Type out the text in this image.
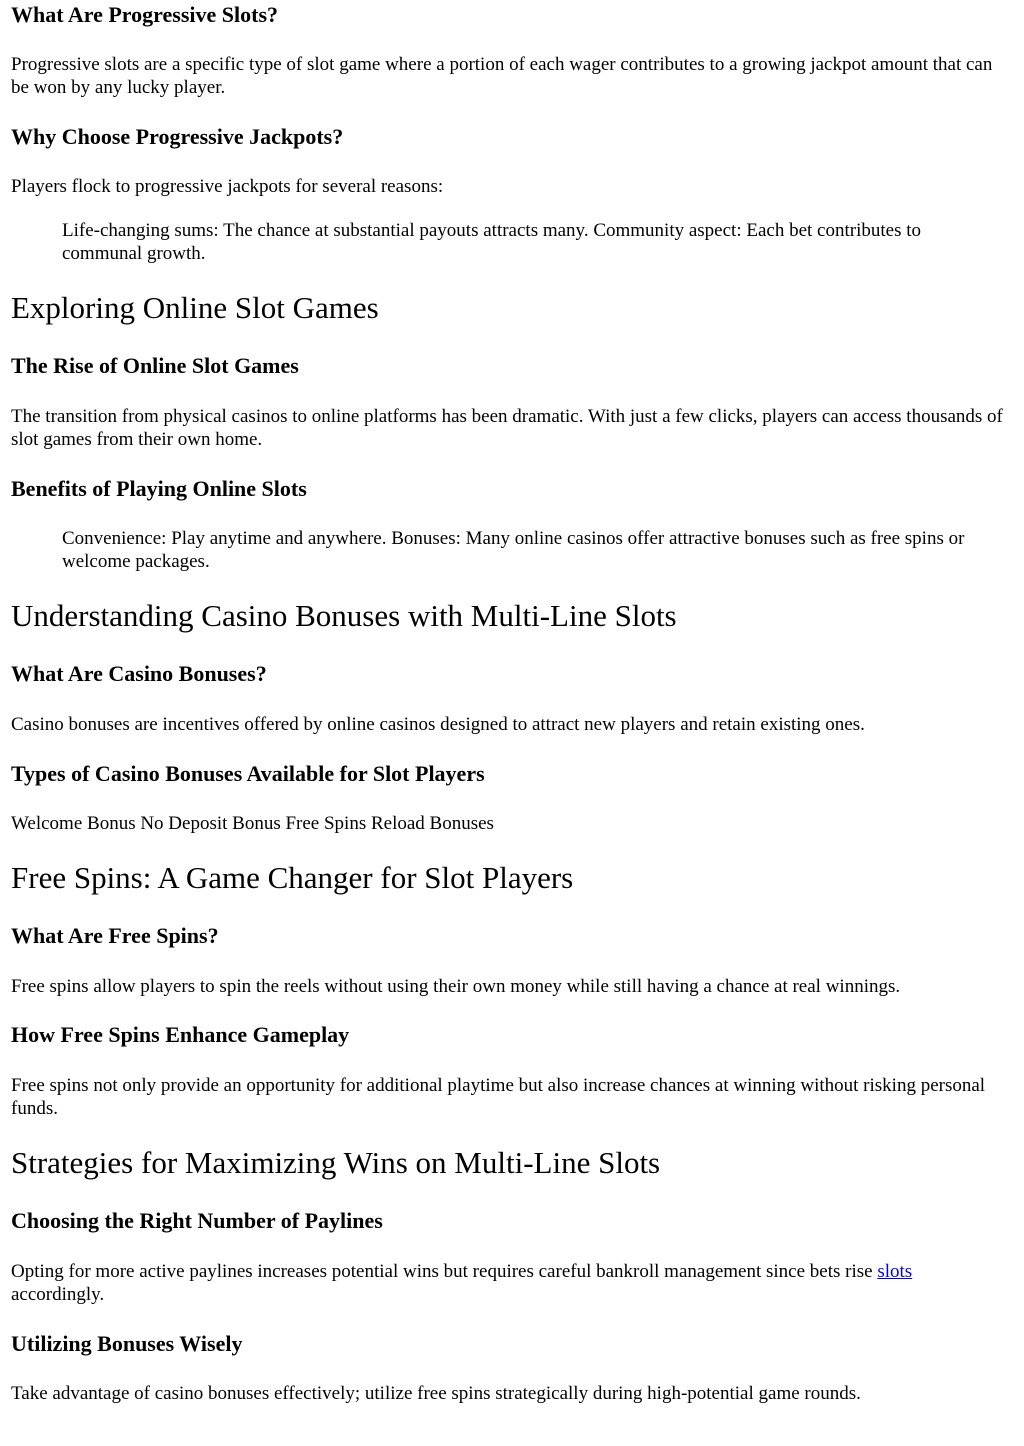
What Are Progressive Slots?

Progressive slots are a specific type of slot game where a portion of each wager contributes to a growing jackpot amount that can be won by any lucky player.

Why Choose Progressive Jackpots?

Players flock to progressive jackpots for several reasons:

Life-changing sums: The chance at substantial payouts attracts many. Community aspect: Each bet contributes to communal growth.

Exploring Online Slot Games
The Rise of Online Slot Games

The transition from physical casinos to online platforms has been dramatic. With just a few clicks, players can access thousands of slot games from their own home.

Benefits of Playing Online Slots

Convenience: Play anytime and anywhere. Bonuses: Many online casinos offer attractive bonuses such as free spins or welcome packages.

Understanding Casino Bonuses with Multi-Line Slots
What Are Casino Bonuses?

Casino bonuses are incentives offered by online casinos designed to attract new players and retain existing ones.

Types of Casino Bonuses Available for Slot Players

Welcome Bonus No Deposit Bonus Free Spins Reload Bonuses

Free Spins: A Game Changer for Slot Players
What Are Free Spins?

Free spins allow players to spin the reels without using their own money while still having a chance at real winnings.

How Free Spins Enhance Gameplay

Free spins not only provide an opportunity for additional playtime but also increase chances at winning without risking personal funds.

Strategies for Maximizing Wins on Multi-Line Slots
Choosing the Right Number of Paylines

Opting for more active paylines increases potential wins but requires careful bankroll management since bets rise slots accordingly.

Utilizing Bonuses Wisely

Take advantage of casino bonuses effectively; utilize free spins strategically during high-potential game rounds.
